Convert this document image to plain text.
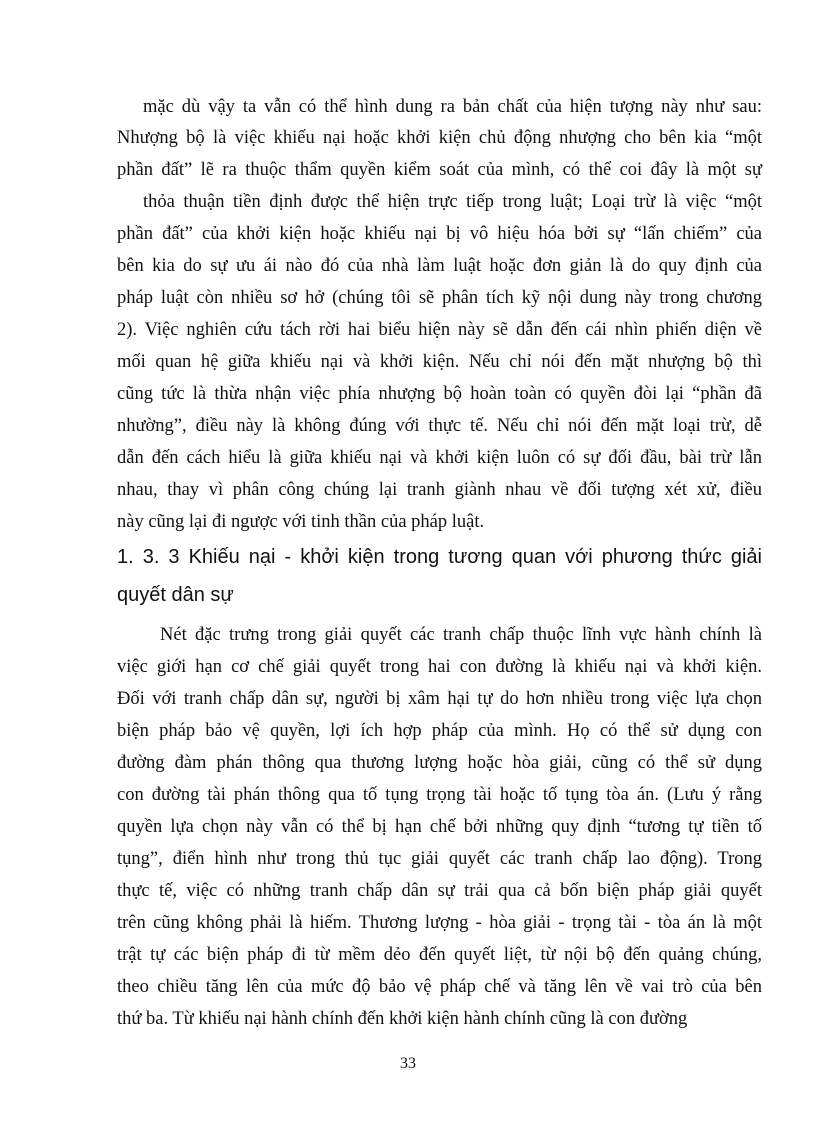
mặc dù vậy ta vẫn có thể hình dung ra bản chất của hiện tượng này như sau:
Nhượng bộ là việc khiếu nại hoặc khởi kiện chủ động nhượng cho bên kia “một
phần đất” lẽ ra thuộc thẩm quyền kiểm soát của mình, có thể coi đây là một sự
thỏa thuận tiền định được thể hiện trực tiếp trong luật; Loại trừ là việc “một
phần đất” của khởi kiện hoặc khiếu nại bị vô hiệu hóa bởi sự “lấn chiếm” của
bên kia do sự ưu ái nào đó của nhà làm luật hoặc đơn giản là do quy định của
pháp luật còn nhiều sơ hở (chúng tôi sẽ phân tích kỹ nội dung này trong chương
2). Việc nghiên cứu tách rời hai biểu hiện này sẽ dẫn đến cái nhìn phiến diện về
mối quan hệ giữa khiếu nại và khởi kiện. Nếu chỉ nói đến mặt nhượng bộ thì
cũng tức là thừa nhận việc phía nhượng bộ hoàn toàn có quyền đòi lại “phần đã
nhường”, điều này là không đúng với thực tế. Nếu chỉ nói đến mặt loại trừ, dễ
dẫn đến cách hiểu là giữa khiếu nại và khởi kiện luôn có sự đối đầu, bài trừ lẫn
nhau, thay vì phân công chúng lại tranh giành nhau về đối tượng xét xử, điều
này cũng lại đi ngược với tinh thần của pháp luật.
1. 3. 3 Khiếu nại - khởi kiện trong tương quan với phương thức giải
quyết dân sự
Nét đặc trưng trong giải quyết các tranh chấp thuộc lĩnh vực hành chính là
việc giới hạn cơ chế giải quyết trong hai con đường là khiếu nại và khởi kiện.
Đối với tranh chấp dân sự, người bị xâm hại tự do hơn nhiều trong việc lựa chọn
biện pháp bảo vệ quyền, lợi ích hợp pháp của mình. Họ có thể sử dụng con
đường đàm phán thông qua thương lượng hoặc hòa giải, cũng có thể sử dụng
con đường tài phán thông qua tố tụng trọng tài hoặc tố tụng tòa án. (Lưu ý rằng
quyền lựa chọn này vẫn có thể bị hạn chế bởi những quy định “tương tự tiền tố
tụng”, điển hình như trong thủ tục giải quyết các tranh chấp lao động). Trong
thực tế, việc có những tranh chấp dân sự trải qua cả bốn biện pháp giải quyết
trên cũng không phải là hiếm. Thương lượng - hòa giải - trọng tài - tòa án là một
trật tự các biện pháp đi từ mềm dẻo đến quyết liệt, từ nội bộ đến quảng chúng,
theo chiều tăng lên của mức độ bảo vệ pháp chế và tăng lên về vai trò của bên
thứ ba. Từ khiếu nại hành chính đến khởi kiện hành chính cũng là con đường
33
